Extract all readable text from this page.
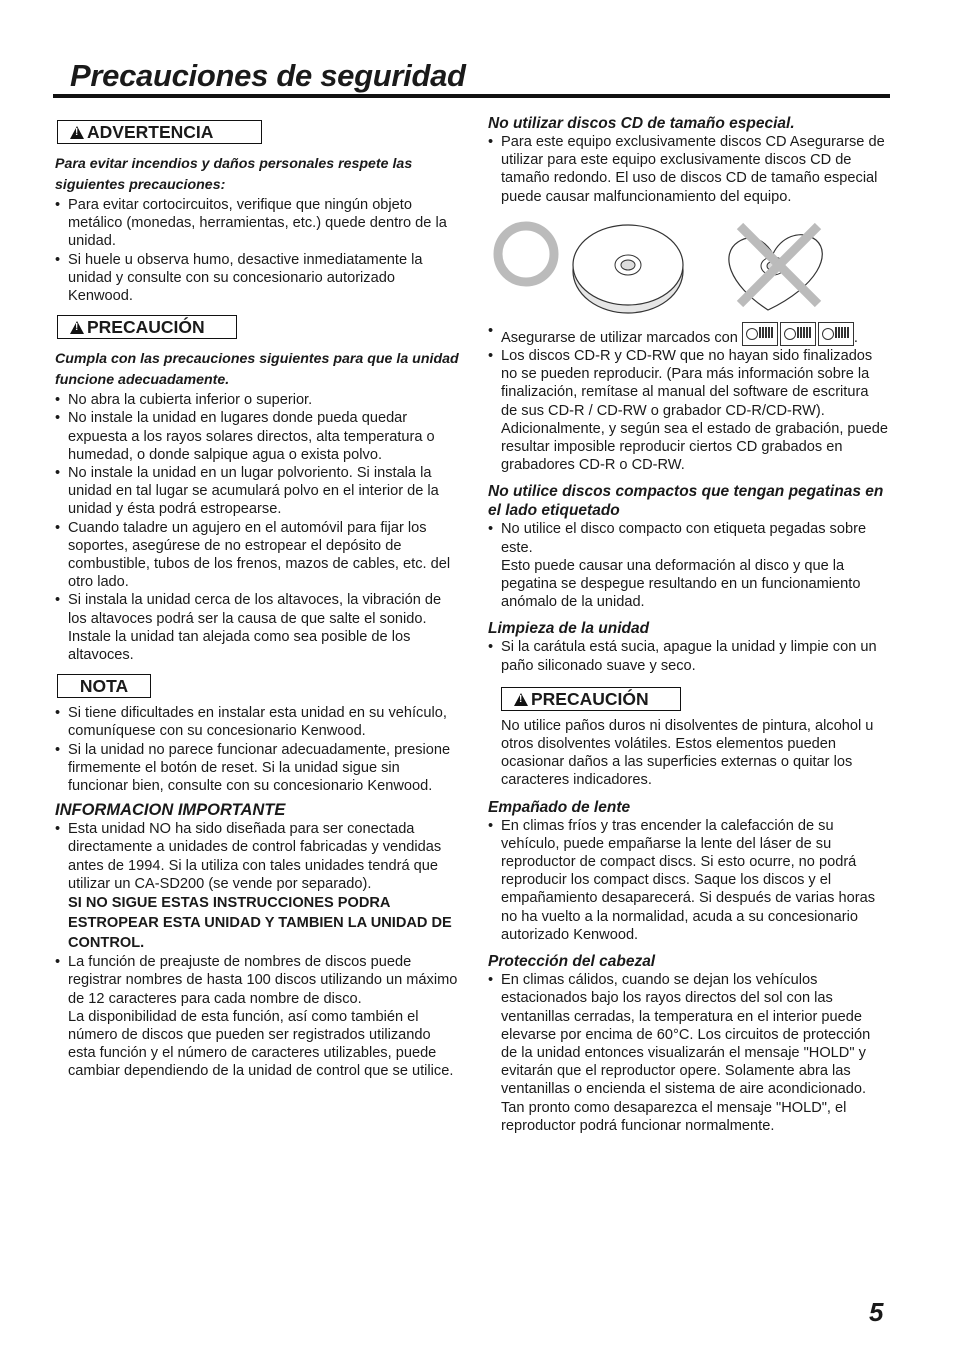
Precauciones de seguridad
!ADVERTENCIA
Para evitar incendios y daños personales respete las siguientes precauciones:
• Para evitar cortocircuitos, verifique que ningún objeto metálico (monedas, herramientas, etc.) quede dentro de la unidad.
• Si huele u observa humo, desactive inmediatamente la unidad y consulte con su concesionario autorizado Kenwood.
!PRECAUCIÓN
Cumpla con las precauciones siguientes para que la unidad funcione adecuadamente.
• No abra la cubierta inferior o superior.
• No instale la unidad en lugares donde pueda quedar expuesta a los rayos solares directos, alta temperatura o humedad, o donde salpique agua o exista polvo.
• No instale la unidad en un lugar polvoriento. Si instala la unidad en tal lugar se acumulará polvo en el interior de la unidad y ésta podrá estropearse.
• Cuando taladre un agujero en el automóvil para fijar los soportes, asegúrese de no estropear el depósito de combustible, tubos de los frenos, mazos de cables, etc. del otro lado.
• Si instala la unidad cerca de los altavoces, la vibración de los altavoces podrá ser la causa de que salte el sonido. Instale la unidad tan alejada como sea posible de los altavoces.
NOTA
• Si tiene dificultades en instalar esta unidad en su vehículo, comuníquese con su concesionario Kenwood.
• Si la unidad no parece funcionar adecuadamente, presione firmemente el botón de reset. Si la unidad sigue sin funcionar bien, consulte con su concesionario Kenwood.
INFORMACION IMPORTANTE
• Esta unidad NO ha sido diseñada para ser conectada directamente a unidades de control fabricadas y vendidas antes de 1994. Si la utiliza con tales unidades tendrá que utilizar un CA-SD200 (se vende por separado).
SI NO SIGUE ESTAS INSTRUCCIONES PODRA ESTROPEAR ESTA UNIDAD Y TAMBIEN LA UNIDAD DE CONTROL.
• La función de preajuste de nombres de discos puede registrar nombres de hasta 100 discos utilizando un máximo de 12 caracteres para cada nombre de disco.
La disponibilidad de esta función, así como también el número de discos que pueden ser registrados utilizando esta función y el número de caracteres utilizables, puede cambiar dependiendo de la unidad de control que se utilice.
No utilizar discos CD de tamaño especial.
• Para este equipo exclusivamente discos CD Asegurarse de utilizar para este equipo exclusivamente discos CD de tamaño redondo. El uso de discos CD de tamaño especial puede causar malfuncionamiento del equipo.
• Asegurarse de utilizar marcados con	.
• Los discos CD-R y CD-RW que no hayan sido finalizados no se pueden reproducir. (Para más información sobre la finalización, remítase al manual del software de escritura de sus CD-R / CD-RW o grabador CD-R/CD-RW). Adicionalmente, y según sea el estado de grabación, puede resultar imposible reproducir ciertos CD grabados en grabadores CD-R o CD-RW.
No utilice discos compactos que tengan pegatinas en el lado etiquetado
• No utilice el disco compacto con etiqueta pegadas sobre este.
Esto puede causar una deformación al disco y que la pegatina se despegue resultando en un funcionamiento anómalo de la unidad.
Limpieza de la unidad
• Si la carátula está sucia, apague la unidad y limpie con un paño siliconado suave y seco.
!PRECAUCIÓN
No utilice paños duros ni disolventes de pintura, alcohol u otros disolventes volátiles. Estos elementos pueden ocasionar daños a las superficies externas o quitar los caracteres indicadores.
Empañado de lente
• En climas fríos y tras encender la calefacción de su vehículo, puede empañarse la lente del láser de su reproductor de compact discs. Si esto ocurre, no podrá reproducir los compact discs. Saque los discos y el empañamiento desaparecerá. Si después de varias horas no ha vuelto a la normalidad, acuda a su concesionario autorizado Kenwood.
Protección del cabezal
• En climas cálidos, cuando se dejan los vehículos estacionados bajo los rayos directos del sol con las ventanillas cerradas, la temperatura en el interior puede elevarse por encima de 60°C. Los circuitos de protección de la unidad entonces visualizarán el mensaje "HOLD" y evitarán que el reproductor opere. Solamente abra las ventanillas o encienda el sistema de aire acondicionado. Tan pronto como desaparezca el mensaje "HOLD", el reproductor podrá funcionar normalmente.
5
